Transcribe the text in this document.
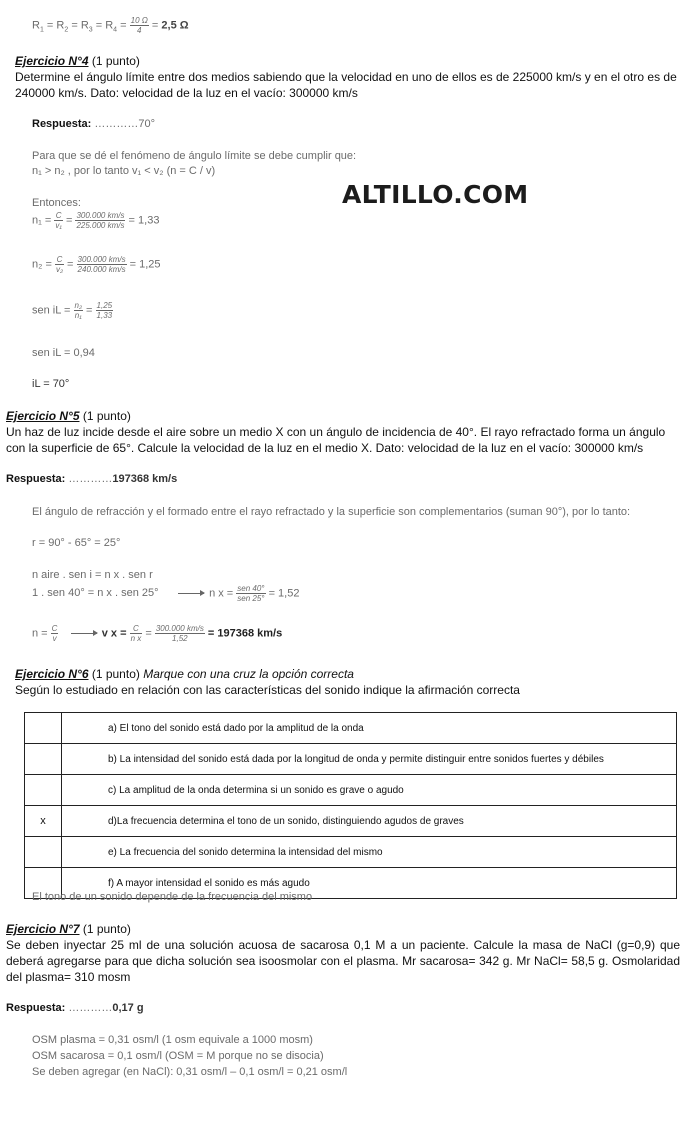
$R_1 = R_2 = R_3 = R_4 = \frac{10 \Omega}{4} = 2,5$ Ω
Ejercicio N°4 (1 punto)
Determine el ángulo límite entre dos medios sabiendo que la velocidad en uno de ellos es de 225000 km/s y en el otro es de 240000 km/s. Dato: velocidad de la luz en el vacío: 300000 km/s
Respuesta: …………70°
Para que se dé el fenómeno de ángulo límite se debe cumplir que:
n₁ > n₂ , por lo tanto v₁ < v₂ (n = C / v)
Entonces:	ALTILLO.COM
$n_1 = \frac{C}{\text{v₁}} = \frac{300.000 km/s}{225.000 km/s} = 1,33$
$n_2 = \frac{C}{\text{v₂}} = \frac{300.000 km/s}{240.000 km/s} = 1,25$
sen iL = $\frac{\text{n₂}}{\text{n₁}} = \frac{1,25}{1,33}$
sen iL = 0,94
iL = 70°
Ejercicio N°5 (1 punto)
Un haz de luz incide desde el aire sobre un medio X con un ángulo de incidencia de 40°. El rayo refractado forma un ángulo con la superficie de 65°. Calcule la velocidad de la luz en el medio X. Dato: velocidad de la luz en el vacío: 300000 km/s
Respuesta: …………197368 km/s
El ángulo de refracción y el formado entre el rayo refractado y la superficie son complementarios (suman 90°), por lo tanto:
r = 90° - 65° = 25°
n aire . sen i = n x . sen r
1 . sen 40° = n x . sen 25°	n $x = \frac{\text{sen 40°}}{\text{sen 25°}} = 1,52$
$n = \frac{C}{v}$	v $x = \frac{C}{\text{n x}} = \frac{300.000 km/s}{1,52} = 197368$ km/s
Ejercicio N°6 (1 punto) Marque con una cruz la opción correcta
Según lo estudiado en relación con las características del sonido indique la afirmación correcta
	a) El tono del sonido está dado por la amplitud de la onda
	b) La intensidad del sonido está dada por la longitud de onda y permite distinguir entre sonidos fuertes y débiles
	c) La amplitud de la onda determina si un sonido es grave o agudo
x	d)La frecuencia determina el tono de un sonido, distinguiendo agudos de graves
	e) La frecuencia del sonido determina la intensidad del mismo
	f) A mayor intensidad el sonido es más agudo
El tono de un sonido depende de la frecuencia del mismo
Ejercicio N°7 (1 punto)
Se deben inyectar 25 ml de una solución acuosa de sacarosa 0,1 M a un paciente. Calcule la masa de NaCl (g=0,9) que deberá agregarse para que dicha solución sea isoosmolar con el plasma. Mr sacarosa= 342 g. Mr NaCl= 58,5 g. Osmolaridad del plasma= 310 mosm
Respuesta: …………0,17 g
OSM plasma = 0,31 osm/l (1 osm equivale a 1000 mosm)
OSM sacarosa = 0,1 osm/l (OSM = M porque no se disocia)
Se deben agregar (en NaCl): 0,31 osm/l – 0,1 osm/l = 0,21 osm/l
